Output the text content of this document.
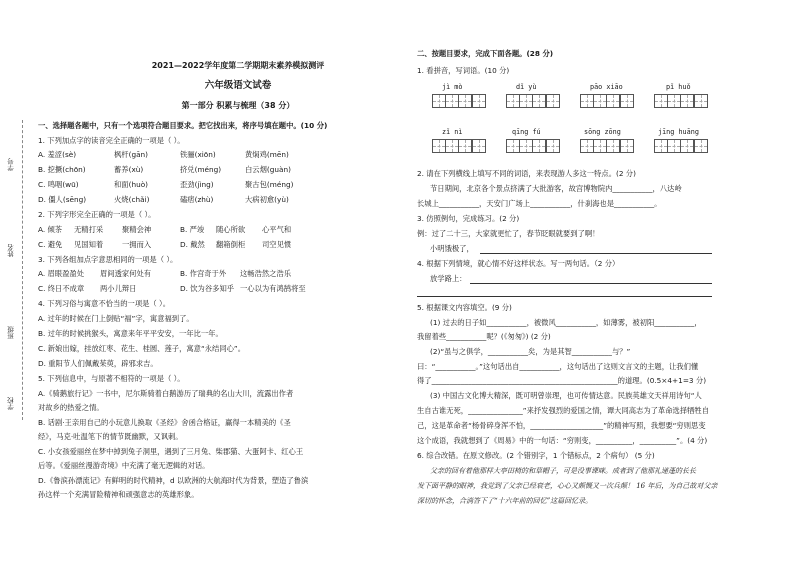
学号
姓名
班级
学校
2021—2022学年度第二学期期末素养模拟测评
六年级语文试卷
第一部分 积累与梳理（38 分）
一、选择题各题中，只有一个选项符合题目要求。把它找出来，将序号填在题中。(10 分)
1. 下列加点字的读音完全正确的一项是（ ）。
A. 羞涩(sè)	枫杆(gān)	铁骊(xiōn)	黄焖鸡(mēn)
B. 挖撅(chōn)	蓄养(xù)	挤兑(méng)	白云烟(guàn)
C. 鸣咽(wū)	和面(huò)	歪劲(jìng)	聚古包(méng)
D. 僵人(sēng)	火烧(chǎi)	磕痞(zhù)	大病初愈(yù)
2. 下列字形完全正确的一项是（ ）。
A. 倾茶 无精打采	聚精会神	B. 严竣 随心所欲 心平气和
C. 避免 见国知着	一拥而入	D. 戴然 翻箱倒柜 司空见惯
3. 下列各组加点字意思相同的一项是（ ）。
A. 眉眼盈盈处 眉间透家何处有	B. 作宫奇于外 这畅浩然之浩乐
C. 终日不成章 两小儿辩日	D. 饮为谷多知乎 一心以为有鸿鹄将至
4. 下列习俗与寓意不恰当的一项是（ ）。
A. 过年的时候在门上倒贴“福”字，寓意福到了。
B. 过年的时候挑猴头，寓意来年平平安安，一年比一年。
C. 新娘出嫁，挂放红枣、花生、桂圆、莲子，寓意“永结同心”。
D. 重阳节人们佩戴茱萸，辟邪求吉。
5. 下列信息中，与原著不相符的一项是（ ）。
A.《骑鹅旅行记》一书中，尼尔斯骑着白鹅游历了瑞典的名山大川，流露出作者
对故乡的热爱之情。
B. 话剧·王亲用自己的小玩意儿换取《圣经》舍函合格证，赢得一本精美的《圣
经》，马克·吐温笔下的情节既幽默，又讽刺。
C. 小女孩爱丽丝在梦中掉到兔子洞里，遇到了三月兔、柴郡猫、大蛋阿卡、红心王
后等。《爱丽丝漫游奇境》中充满了毫无逻辑的对话。
D.《鲁滨孙漂流记》有鲜明的时代精神，d 以欧洲的大航海时代为背景，塑造了鲁滨
孙这样一个充满冒险精神和顽强意志的英雄形象。
二、按题目要求，完成下面各题。(28 分)
1. 看拼音，写词语。(10 分)
jì mò	dǐ yù	pāo xiāo	pǐ huǒ
zǐ nì	qīng fú	sōng zōng	jīng huāng
2. 请在下列横线上填写不同的词语，来表现游人多这一特点。(2 分)
节日期间，北京各个景点挤满了大批游客，故宫博物院内___________，八达岭
长城上___________，天安门广场上___________，什刹海也是___________。
3. 仿照例句，完成练习。(2 分)
例：过了二十三，大家就更忙了，春节眨眼就要到了啊！
小明饿极了，
4. 根据下列情境，就心情不好这样状态。写一两句话。（2 分）
放学路上：
5. 根据课文内容填空。(9 分)
(1) 过去的日子如___________，被微风___________，如薄雾，被初阳___________，
我留着些___________呢？(《匆匆》) (2 分)
(2)“虽与之俱学，___________矣，为是其智___________与？”
曰：“___________。”这句话出自___________，这句话出了这则文言文的主题，让我们懂
得了___________________________________________________的道理。(0.5×4+1=3 分)
(3) 中国古文化博大精深，既可明曾崇理，也可传情达意。民族英雄文天祥用诗句“人
生自古谁无死，_______________”来抒发强烈的爱国之情，谭大同高志为了革命选择牺牲自
己，这是革命者“杨骨碎身浑不怕，____________________”的精神写照，我想要“穷则思变
这个成语，我就想到了《周易》中的一句话：“穷则变，__________，__________”。(4 分)
6. 综合改错。在原文修改。(2 个错别字，1 个错标点，2 个病句） (5 分)
父亲的回有着他那样大亭田椅的和草帽子，可是没事课咪。成者到了他那礼递蓬的长长
发下面平静的眼神，我觉到了父亲已经衰老，心心又颇慨又一次兵颠！ 16 年后，为自己故对父亲
深切的怀念，合淌答下了“十六年前的回忆”这篇回忆录。
